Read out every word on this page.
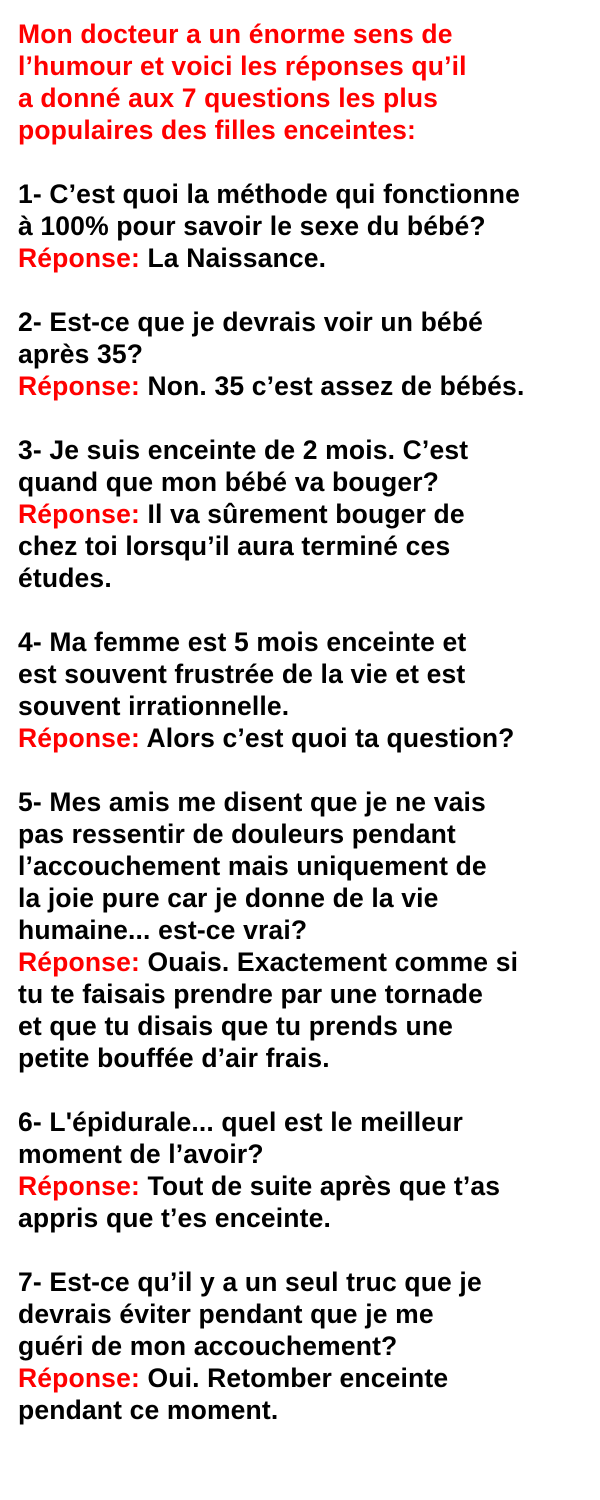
Mon docteur a un énorme sens de
l’humour et voici les réponses qu’il
a donné aux 7 questions les plus
populaires des filles enceintes:
1- C’est quoi la méthode qui fonctionne
à 100% pour savoir le sexe du bébé?
Réponse: La Naissance.
2- Est-ce que je devrais voir un bébé
après 35?
Réponse: Non. 35 c’est assez de bébés.
3- Je suis enceinte de 2 mois. C’est
quand que mon bébé va bouger?
Réponse: Il va sûrement bouger de
chez toi lorsqu’il aura terminé ces
études.
4- Ma femme est 5 mois enceinte et
est souvent frustrée de la vie et est
souvent irrationnelle.
Réponse: Alors c’est quoi ta question?
5- Mes amis me disent que je ne vais
pas ressentir de douleurs pendant
l’accouchement mais uniquement de
la joie pure car je donne de la vie
humaine... est-ce vrai?
Réponse: Ouais. Exactement comme si
tu te faisais prendre par une tornade
et que tu disais que tu prends une
petite bouffée d’air frais.
6- L'épidurale... quel est le meilleur
moment de l’avoir?
Réponse: Tout de suite après que t’as
appris que t’es enceinte.
7- Est-ce qu’il y a un seul truc que je
devrais éviter pendant que je me
guéri de mon accouchement?
Réponse: Oui. Retomber enceinte
pendant ce moment.
